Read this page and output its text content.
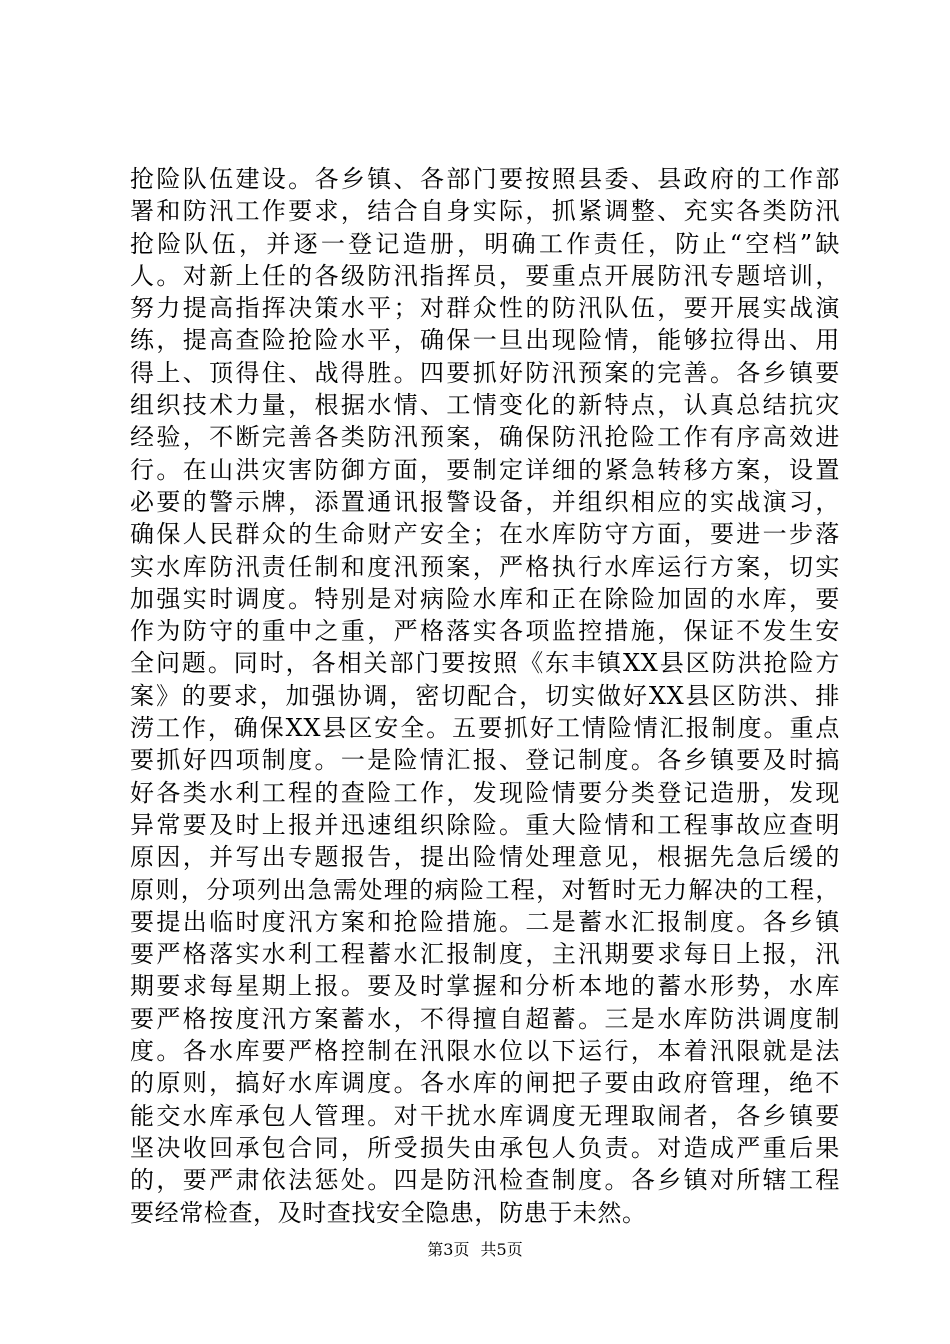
抢险队伍建设。各乡镇、各部门要按照县委、县政府的工作部
署和防汛工作要求，结合自身实际，抓紧调整、充实各类防汛
抢险队伍，并逐一登记造册，明确工作责任，防止“空档”缺
人。对新上任的各级防汛指挥员，要重点开展防汛专题培训，
努力提高指挥决策水平；对群众性的防汛队伍，要开展实战演
练，提高查险抢险水平，确保一旦出现险情，能够拉得出、用
得上、顶得住、战得胜。四要抓好防汛预案的完善。各乡镇要
组织技术力量，根据水情、工情变化的新特点，认真总结抗灾
经验，不断完善各类防汛预案，确保防汛抢险工作有序高效进
行。在山洪灾害防御方面，要制定详细的紧急转移方案，设置
必要的警示牌，添置通讯报警设备，并组织相应的实战演习，
确保人民群众的生命财产安全；在水库防守方面，要进一步落
实水库防汛责任制和度汛预案，严格执行水库运行方案，切实
加强实时调度。特别是对病险水库和正在除险加固的水库，要
作为防守的重中之重，严格落实各项监控措施，保证不发生安
全问题。同时，各相关部门要按照《东丰镇XX县区防洪抢险方
案》的要求，加强协调，密切配合，切实做好XX县区防洪、排
涝工作，确保XX县区安全。五要抓好工情险情汇报制度。重点
要抓好四项制度。一是险情汇报、登记制度。各乡镇要及时搞
好各类水利工程的查险工作，发现险情要分类登记造册，发现
异常要及时上报并迅速组织除险。重大险情和工程事故应查明
原因，并写出专题报告，提出险情处理意见，根据先急后缓的
原则，分项列出急需处理的病险工程，对暂时无力解决的工程，
要提出临时度汛方案和抢险措施。二是蓄水汇报制度。各乡镇
要严格落实水利工程蓄水汇报制度，主汛期要求每日上报，汛
期要求每星期上报。要及时掌握和分析本地的蓄水形势，水库
要严格按度汛方案蓄水，不得擅自超蓄。三是水库防洪调度制
度。各水库要严格控制在汛限水位以下运行，本着汛限就是法
的原则，搞好水库调度。各水库的闸把子要由政府管理，绝不
能交水库承包人管理。对干扰水库调度无理取闹者，各乡镇要
坚决收回承包合同，所受损失由承包人负责。对造成严重后果
的，要严肃依法惩处。四是防汛检查制度。各乡镇对所辖工程
要经常检查，及时查找安全隐患，防患于未然。
第3页 共5页
